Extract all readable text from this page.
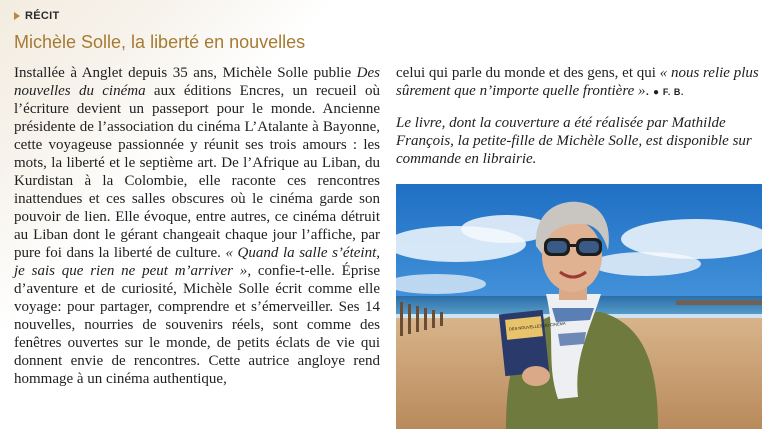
RÉCIT
Michèle Solle, la liberté en nouvelles

Installée à Anglet depuis 35 ans, Michèle Solle publie Des nouvelles du cinéma aux éditions Encres, un recueil où l’écriture devient un passeport pour le monde. Ancienne présidente de l’association du cinéma L’Atalante à Bayonne, cette voyageuse passionnée y réunit ses trois amours : les mots, la liberté et le septième art. De l’Afrique au Liban, du Kurdistan à la Colombie, elle raconte ces rencontres inattendues et ces salles obscures où le cinéma garde son pouvoir de lien. Elle évoque, entre autres, ce cinéma détruit au Liban dont le gérant changeait chaque jour l’affiche, par pure foi dans la liberté de culture. « Quand la salle s’éteint, je sais que rien ne peut m’arriver », confie-t-elle. Éprise d’aventure et de curiosité, Michèle Solle écrit comme elle voyage: pour partager, comprendre et s’émerveiller. Ses 14 nouvelles, nourries de souvenirs réels, sont comme des fenêtres ouvertes sur le monde, de petits éclats de vie qui donnent envie de rencontres. Cette autrice angloye rend hommage à un cinéma authentique,

celui qui parle du monde et des gens, et qui « nous relie plus sûrement que n’importe quelle frontière ». ● F. B.

Le livre, dont la couverture a été réalisée par Mathilde François, la petite-fille de Michèle Solle, est disponible sur commande en librairie.

DES NOUVELLES DU CINÉMA
